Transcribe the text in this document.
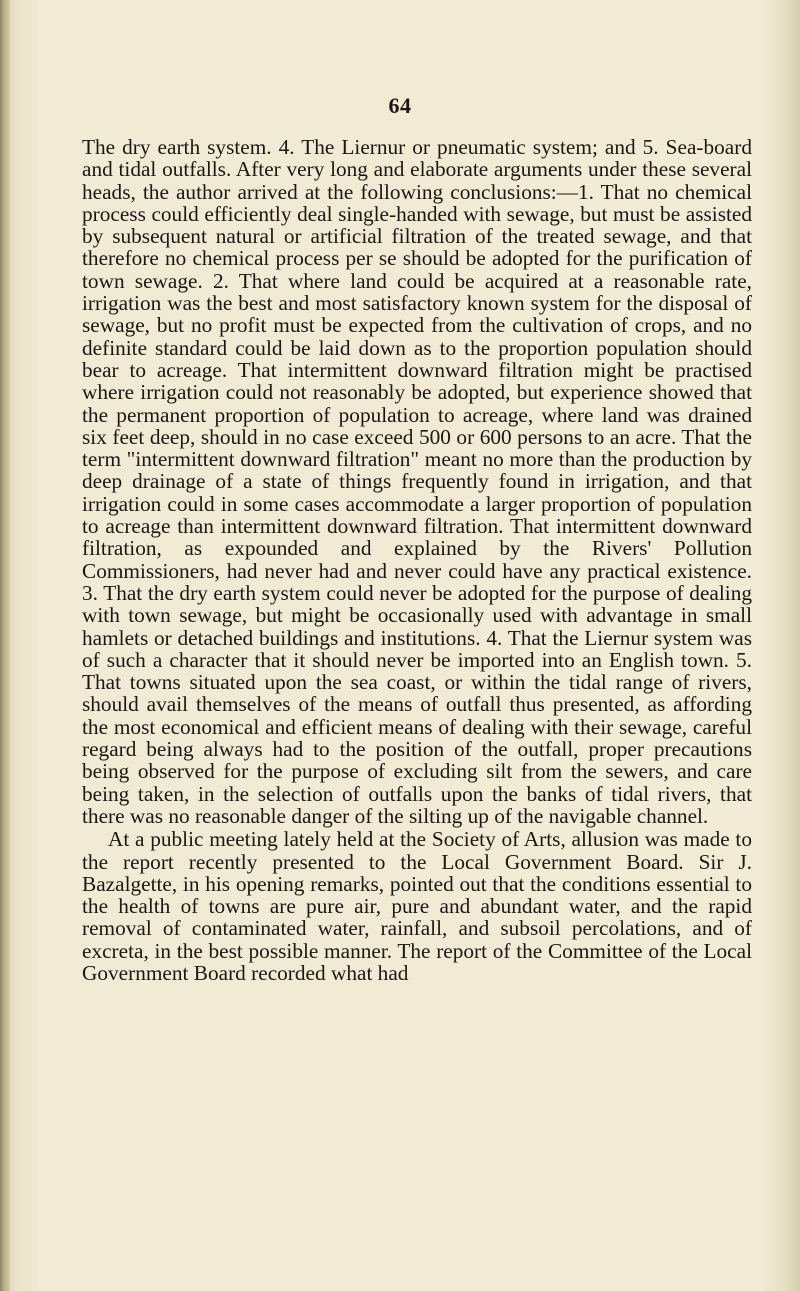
64

The dry earth system. 4. The Liernur or pneumatic system; and 5. Sea-board and tidal outfalls. After very long and elaborate arguments under these several heads, the author arrived at the following conclusions:—1. That no chemical process could efficiently deal single-handed with sewage, but must be assisted by subsequent natural or artificial filtration of the treated sewage, and that therefore no chemical process per se should be adopted for the purification of town sewage. 2. That where land could be acquired at a reasonable rate, irrigation was the best and most satisfactory known system for the disposal of sewage, but no profit must be expected from the cultivation of crops, and no definite standard could be laid down as to the proportion population should bear to acreage. That intermittent downward filtration might be practised where irrigation could not reasonably be adopted, but experience showed that the permanent proportion of population to acreage, where land was drained six feet deep, should in no case exceed 500 or 600 persons to an acre. That the term "intermittent downward filtration" meant no more than the production by deep drainage of a state of things frequently found in irrigation, and that irrigation could in some cases accommodate a larger proportion of population to acreage than intermittent downward filtration. That intermittent downward filtration, as expounded and explained by the Rivers' Pollution Commissioners, had never had and never could have any practical existence. 3. That the dry earth system could never be adopted for the purpose of dealing with town sewage, but might be occasionally used with advantage in small hamlets or detached buildings and institutions. 4. That the Liernur system was of such a character that it should never be imported into an English town. 5. That towns situated upon the sea coast, or within the tidal range of rivers, should avail themselves of the means of outfall thus presented, as affording the most economical and efficient means of dealing with their sewage, careful regard being always had to the position of the outfall, proper precautions being observed for the purpose of excluding silt from the sewers, and care being taken, in the selection of outfalls upon the banks of tidal rivers, that there was no reasonable danger of the silting up of the navigable channel.

At a public meeting lately held at the Society of Arts, allusion was made to the report recently presented to the Local Government Board. Sir J. Bazalgette, in his opening remarks, pointed out that the conditions essential to the health of towns are pure air, pure and abundant water, and the rapid removal of contaminated water, rainfall, and subsoil percolations, and of excreta, in the best possible manner. The report of the Committee of the Local Government Board recorded what had
